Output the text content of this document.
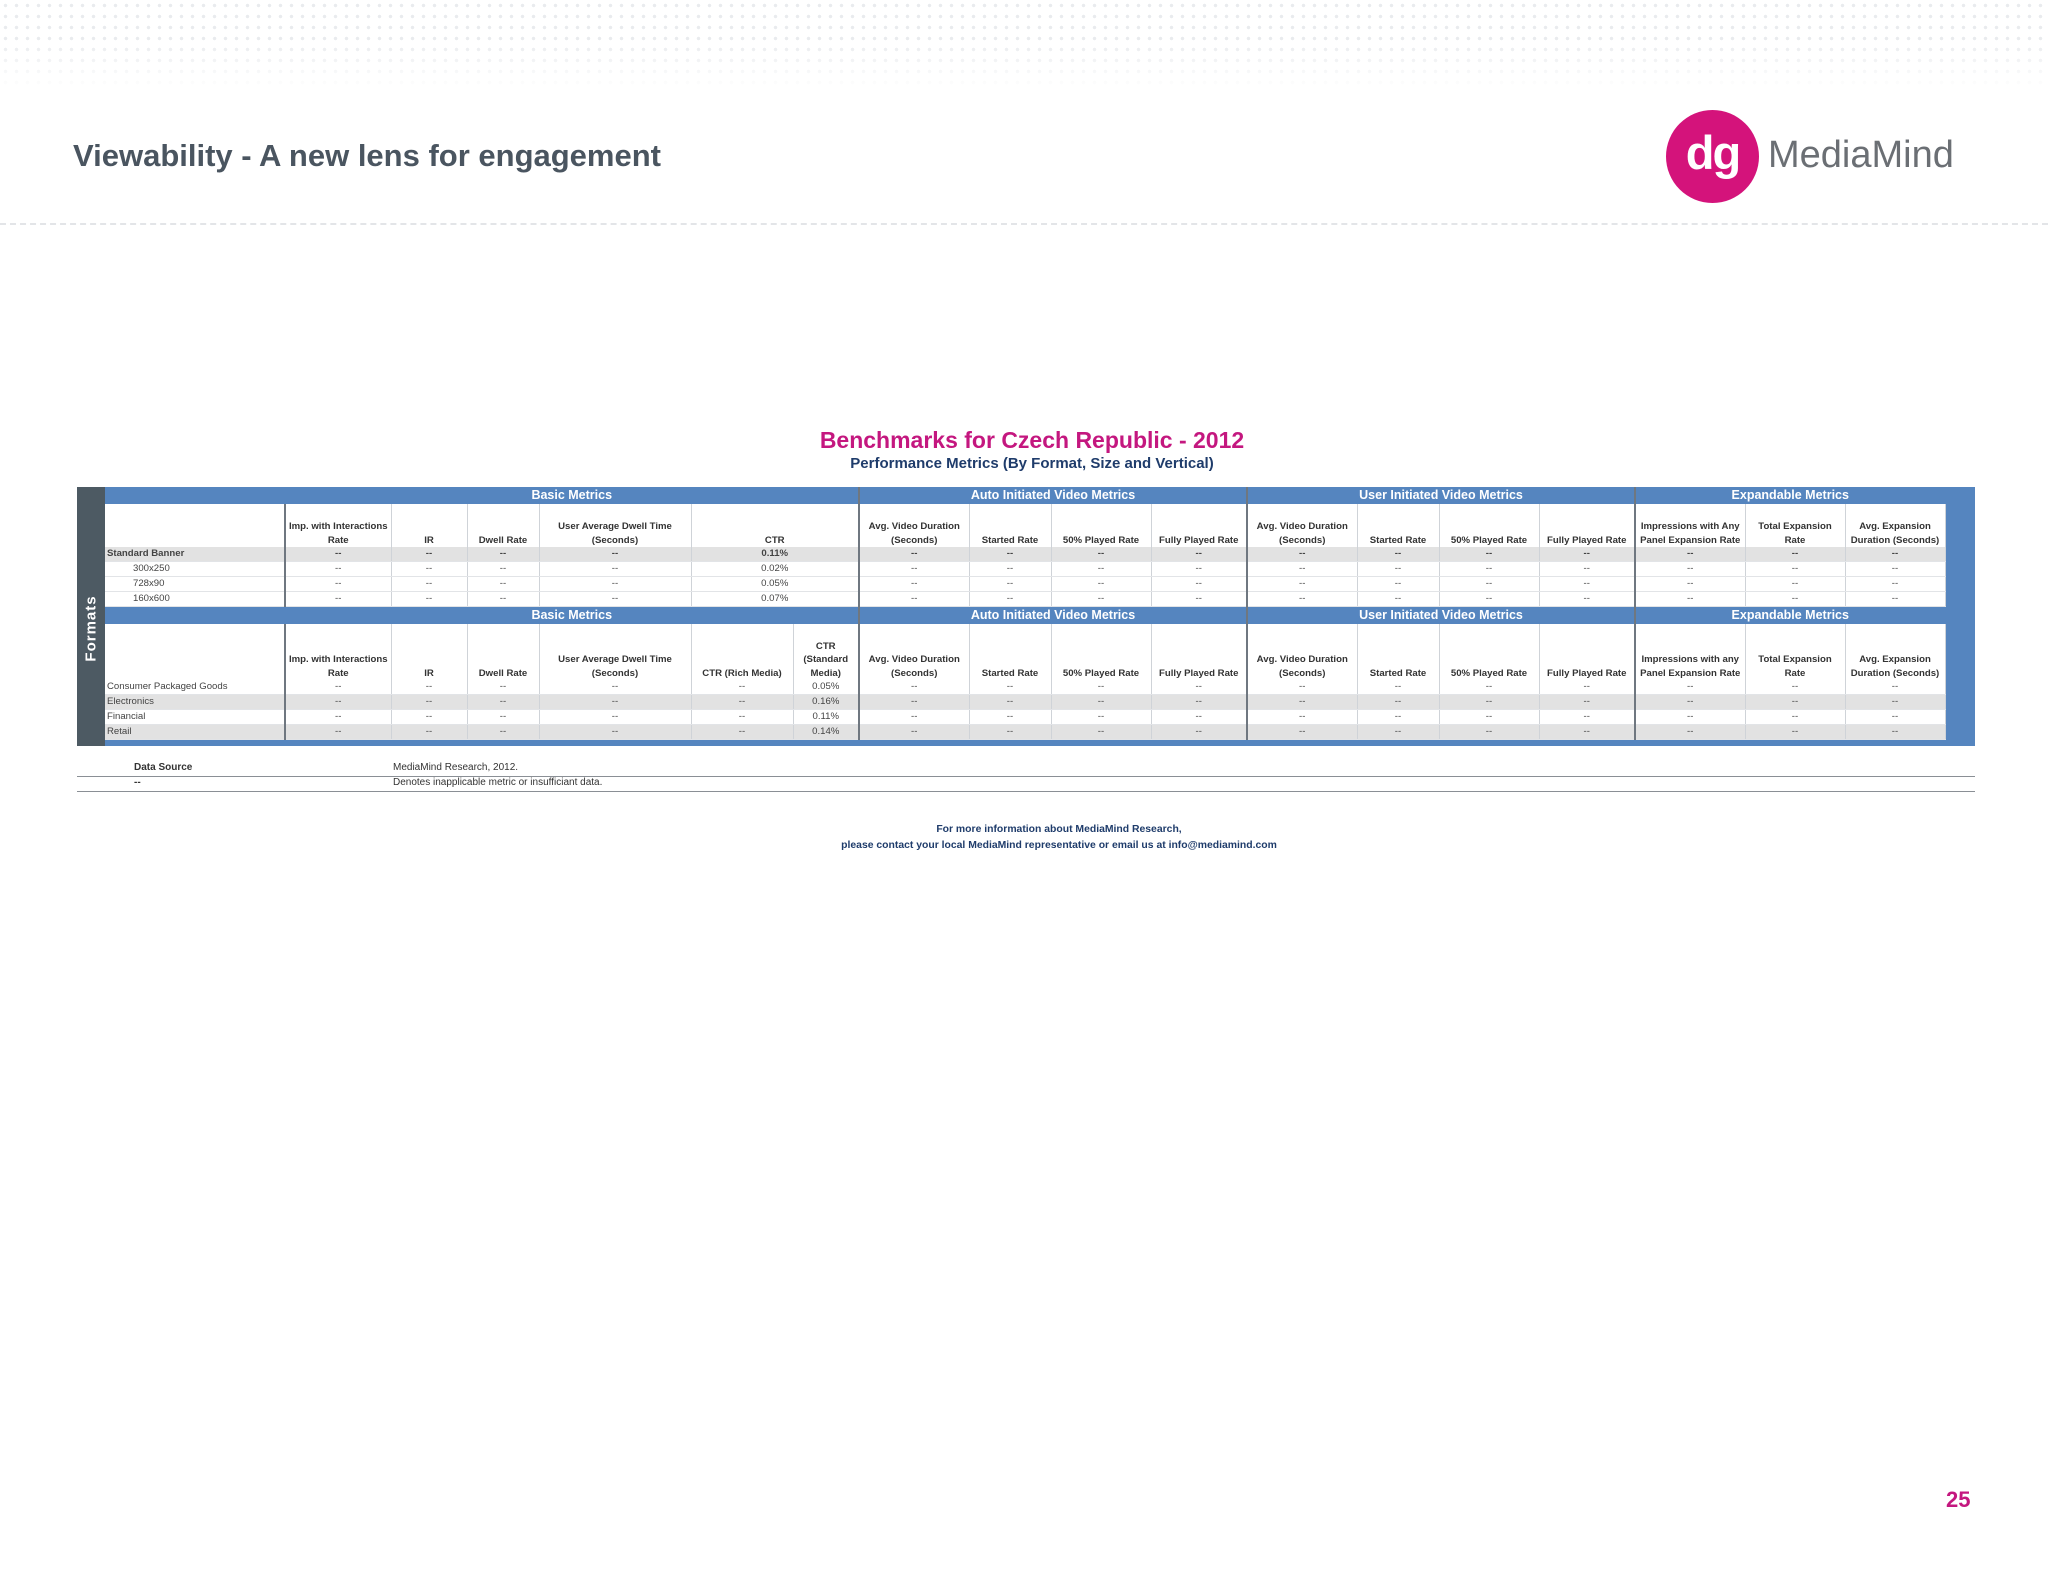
Viewability - A new lens for engagement	dg MediaMind
Benchmarks for Czech Republic - 2012
Performance Metrics (By Format, Size and Vertical)
Formats
	Basic Metrics						Auto Initiated Video Metrics				User Initiated Video Metrics				Expandable Metrics		
	Imp. with Interactions Rate	IR	Dwell Rate	User Average Dwell Time (Seconds)	CTR		Avg. Video Duration (Seconds)	Started Rate	50% Played Rate	Fully Played Rate	Avg. Video Duration (Seconds)	Started Rate	50% Played Rate	Fully Played Rate	Impressions with Any Panel Expansion Rate	Total Expansion Rate	Avg. Expansion Duration (Seconds)
Standard Banner	--	--	--	--	0.11%		--	--	--	--	--	--	--	--	--	--	--
300x250	--	--	--	--	0.02%		--	--	--	--	--	--	--	--	--	--	--
728x90	--	--	--	--	0.05%		--	--	--	--	--	--	--	--	--	--	--
160x600	--	--	--	--	0.07%		--	--	--	--	--	--	--	--	--	--	--
	Basic Metrics						Auto Initiated Video Metrics				User Initiated Video Metrics				Expandable Metrics		
	Imp. with Interactions Rate	IR	Dwell Rate	User Average Dwell Time (Seconds)	CTR (Rich Media)	CTR (Standard Media)	Avg. Video Duration (Seconds)	Started Rate	50% Played Rate	Fully Played Rate	Avg. Video Duration (Seconds)	Started Rate	50% Played Rate	Fully Played Rate	Impressions with any Panel Expansion Rate	Total Expansion Rate	Avg. Expansion Duration (Seconds)
Consumer Packaged Goods	--	--	--	--	--	0.05%	--	--	--	--	--	--	--	--	--	--	--
Electronics	--	--	--	--	--	0.16%	--	--	--	--	--	--	--	--	--	--	--
Financial	--	--	--	--	--	0.11%	--	--	--	--	--	--	--	--	--	--	--
Retail	--	--	--	--	--	0.14%	--	--	--	--	--	--	--	--	--	--	--
Data Source	MediaMind Research, 2012.
--	Denotes inapplicable metric or insufficiant data.
For more information about MediaMind Research,
please contact your local MediaMind representative or email us at info@mediamind.com
25
